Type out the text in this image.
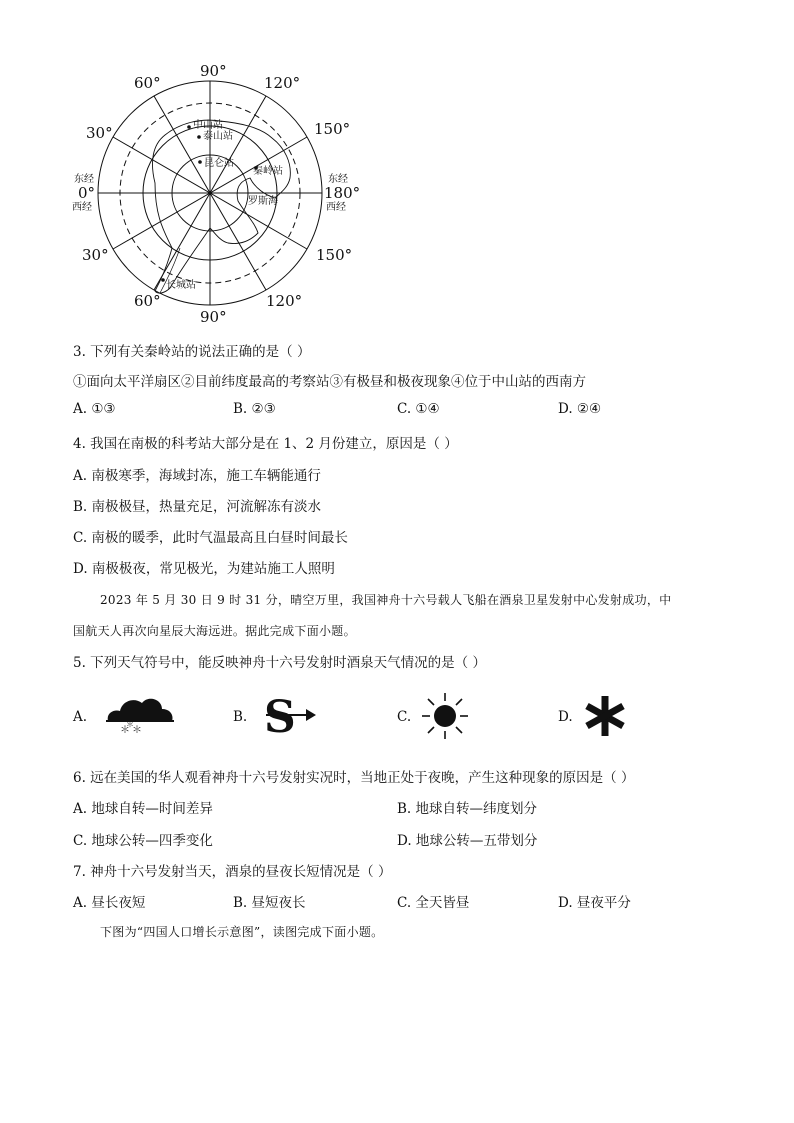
90°
60°	120°
30°	150°
东经
0°
西经
东经
180°
西经
30°	150°
60°
90°
120°
中山站
泰山站
昆仑站
秦岭站
罗斯海
长城站
3. 下列有关秦岭站的说法正确的是（ ）
①面向太平洋扇区②目前纬度最高的考察站③有极昼和极夜现象④位于中山站的西南方
A. ①③	B. ②③	C. ①④	D. ②④
4. 我国在南极的科考站大部分是在 1、2 月份建立，原因是（ ）
A. 南极寒季，海域封冻，施工车辆能通行
B. 南极极昼，热量充足，河流解冻有淡水
C. 南极的暖季，此时气温最高且白昼时间最长
D. 南极极夜，常见极光，为建站施工人照明
2023 年 5 月 30 日 9 时 31 分，晴空万里，我国神舟十六号载人飞船在酒泉卫星发射中心发射成功，中
国航天人再次向星辰大海远进。据此完成下面小题。
5. 下列天气符号中，能反映神舟十六号发射时酒泉天气情况的是（ ）
A.
＊ ＊
＊	B. S	C.	D.
6. 远在美国的华人观看神舟十六号发射实况时，当地正处于夜晚，产生这种现象的原因是（ ）
A. 地球自转—时间差异	B. 地球自转—纬度划分
C. 地球公转—四季变化	D. 地球公转—五带划分
7. 神舟十六号发射当天，酒泉的昼夜长短情况是（ ）
A. 昼长夜短	B. 昼短夜长	C. 全天皆昼	D. 昼夜平分
下图为“四国人口增长示意图”，读图完成下面小题。
